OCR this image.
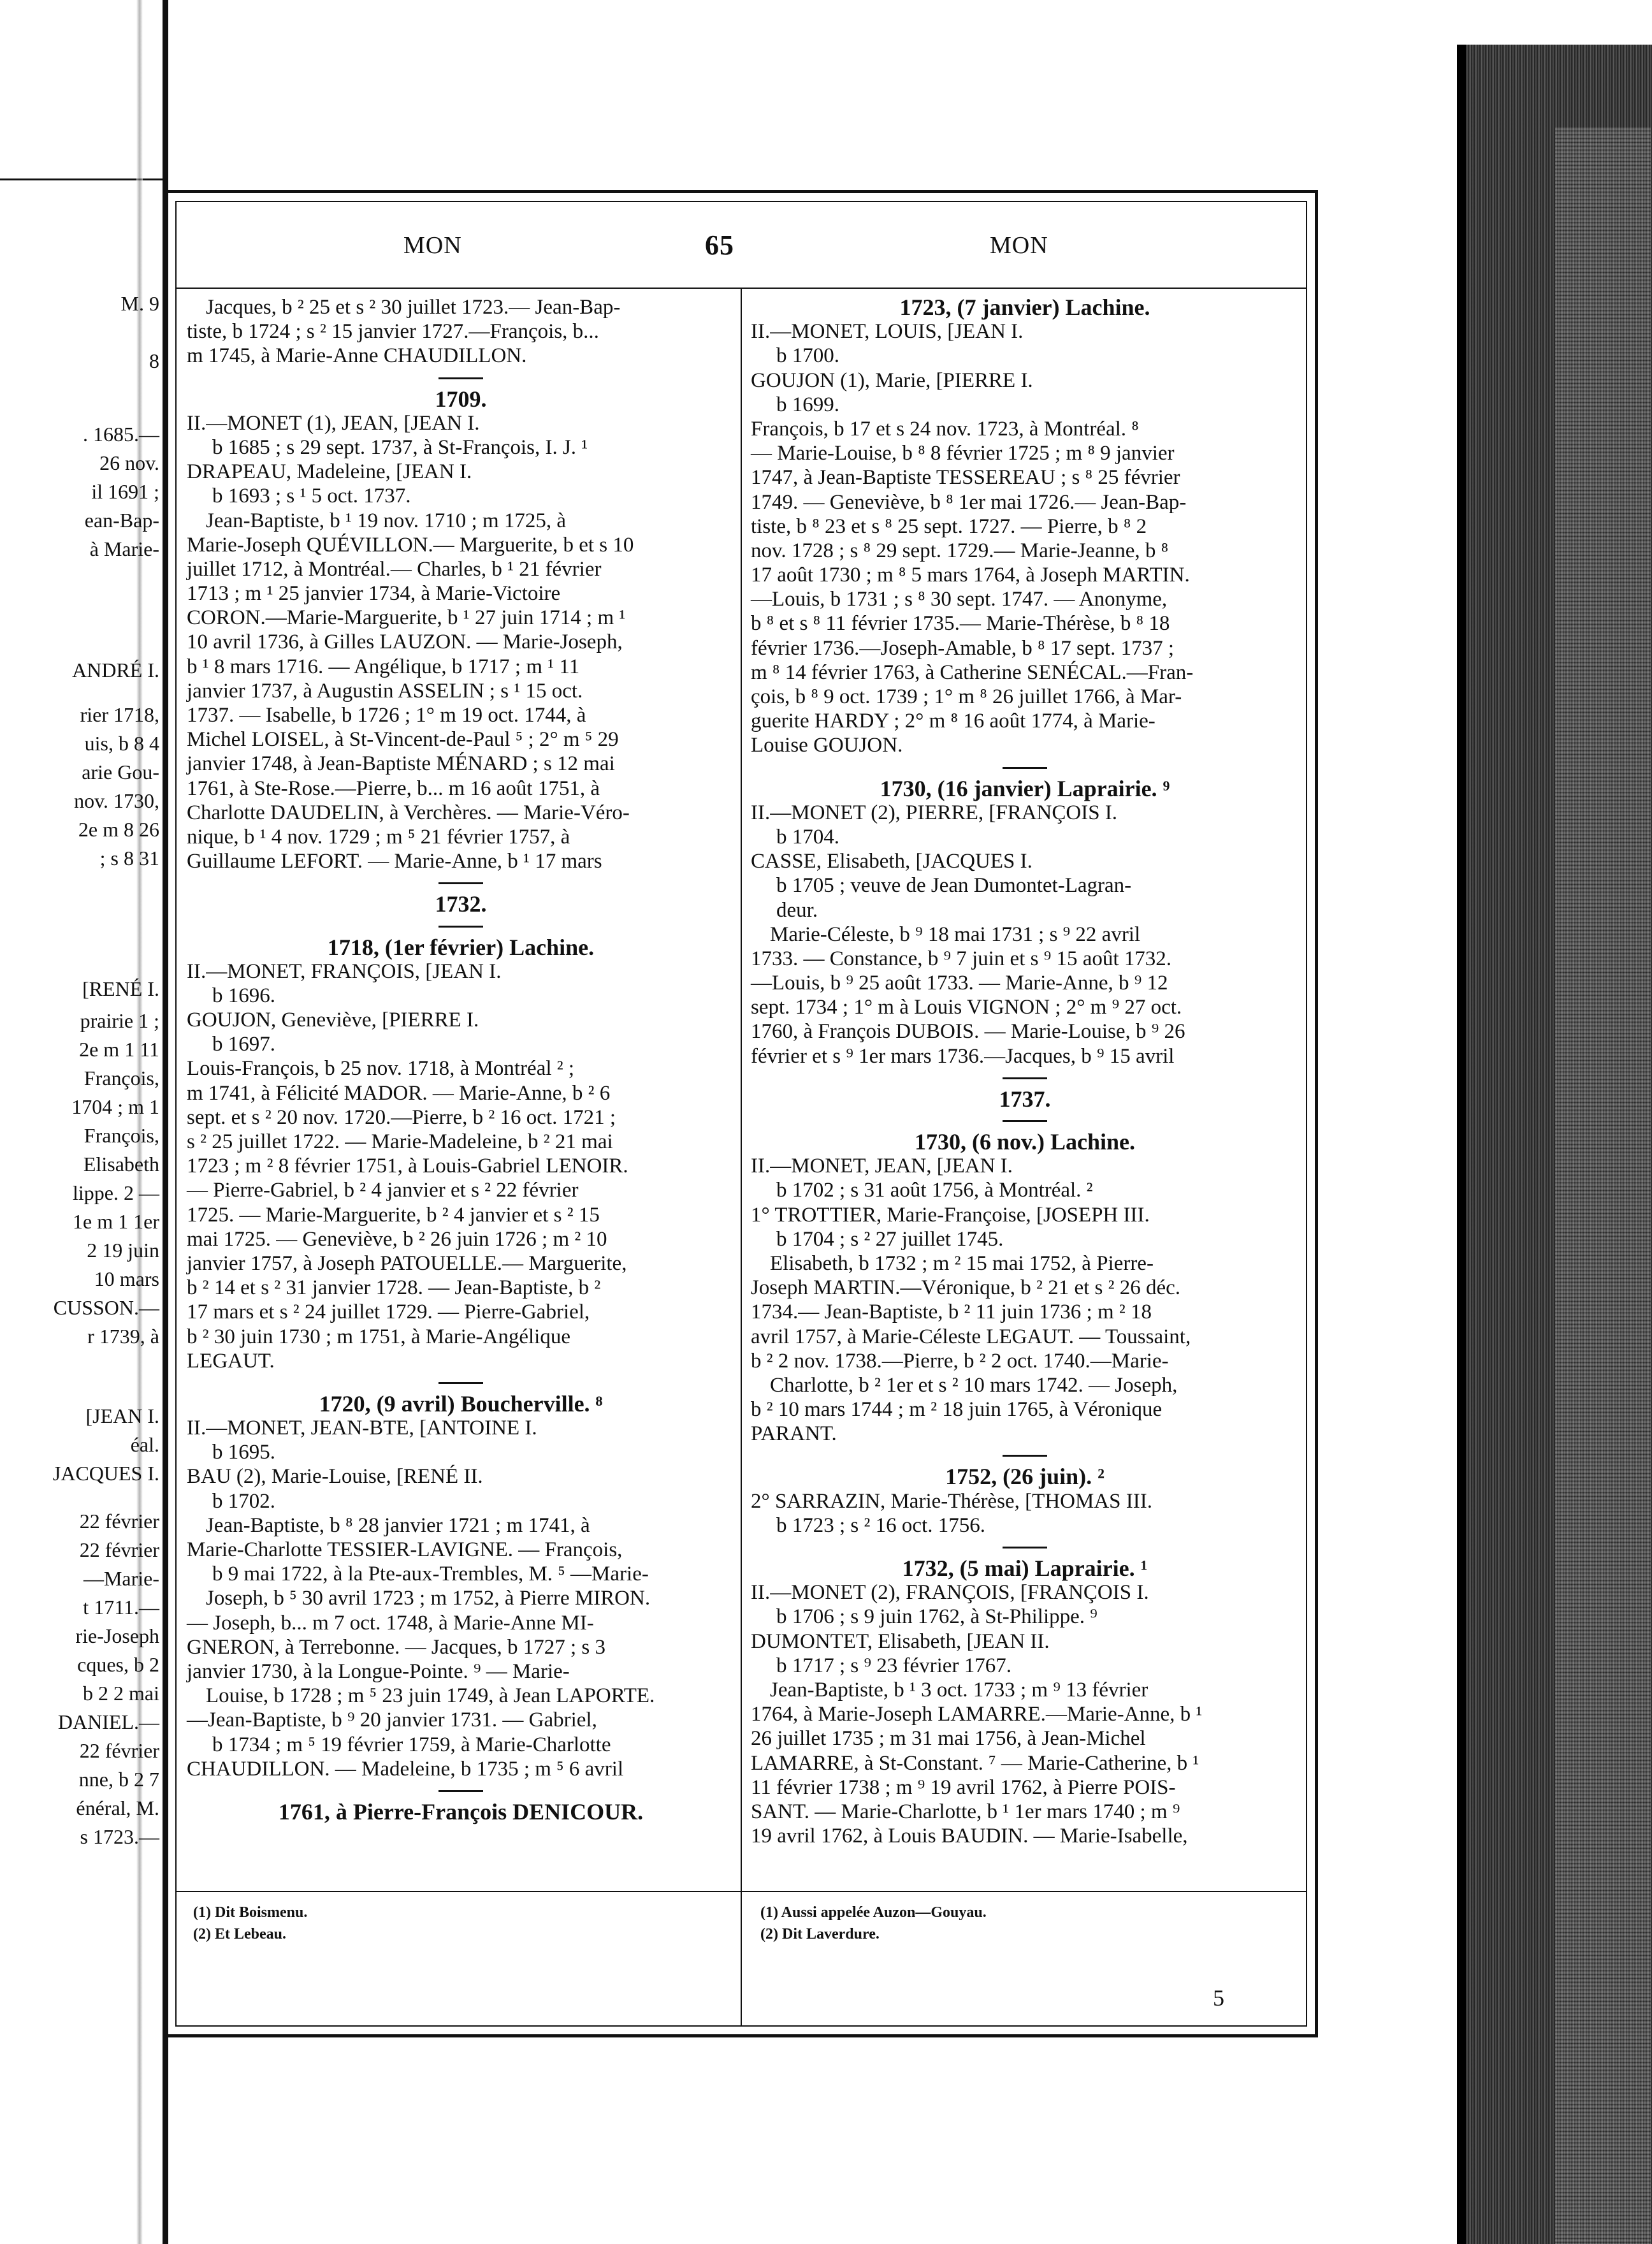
M. 9
8
. 1685.—
26 nov.
il 1691 ;
ean-Bap-
à Marie-
ANDRÉ I.
rier 1718,
uis, b 8 4
arie Gou-
nov. 1730,
2e m 8 26
; s 8 31
[RENÉ I.
prairie 1 ;
2e m 1 11
François,
1704 ; m 1
François,
Elisabeth
lippe. 2 —
1e m 1 1er
2 19 juin
10 mars
CUSSON.—
r 1739, à
[JEAN I.
éal.
JACQUES I.
22 février
22 février
—Marie-
t 1711.—
rie-Joseph
cques, b 2
b 2 2 mai
DANIEL.—
22 février
nne, b 2 7
énéral, M.
s 1723.—
MON	65	MON
Jacques, b ² 25 et s ² 30 juillet 1723.— Jean-Bap-
tiste, b 1724 ; s ² 15 janvier 1727.—François, b...
m 1745, à Marie-Anne CHAUDILLON.
1709.
II.—MONET (1), JEAN, [JEAN I.
b 1685 ; s 29 sept. 1737, à St-François, I. J. ¹
DRAPEAU, Madeleine, [JEAN I.
b 1693 ; s ¹ 5 oct. 1737.
Jean-Baptiste, b ¹ 19 nov. 1710 ; m 1725, à
Marie-Joseph QUÉVILLON.— Marguerite, b et s 10
juillet 1712, à Montréal.— Charles, b ¹ 21 février
1713 ; m ¹ 25 janvier 1734, à Marie-Victoire
CORON.—Marie-Marguerite, b ¹ 27 juin 1714 ; m ¹
10 avril 1736, à Gilles LAUZON. — Marie-Joseph,
b ¹ 8 mars 1716. — Angélique, b 1717 ; m ¹ 11
janvier 1737, à Augustin ASSELIN ; s ¹ 15 oct.
1737. — Isabelle, b 1726 ; 1° m 19 oct. 1744, à
Michel LOISEL, à St-Vincent-de-Paul ⁵ ; 2° m ⁵ 29
janvier 1748, à Jean-Baptiste MÉNARD ; s 12 mai
1761, à Ste-Rose.—Pierre, b... m 16 août 1751, à
Charlotte DAUDELIN, à Verchères. — Marie-Véro-
nique, b ¹ 4 nov. 1729 ; m ⁵ 21 février 1757, à
Guillaume LEFORT. — Marie-Anne, b ¹ 17 mars
1732.
1718, (1er février) Lachine.
II.—MONET, FRANÇOIS, [JEAN I.
b 1696.
GOUJON, Geneviève, [PIERRE I.
b 1697.
Louis-François, b 25 nov. 1718, à Montréal ² ;
m 1741, à Félicité MADOR. — Marie-Anne, b ² 6
sept. et s ² 20 nov. 1720.—Pierre, b ² 16 oct. 1721 ;
s ² 25 juillet 1722. — Marie-Madeleine, b ² 21 mai
1723 ; m ² 8 février 1751, à Louis-Gabriel LENOIR.
— Pierre-Gabriel, b ² 4 janvier et s ² 22 février
1725. — Marie-Marguerite, b ² 4 janvier et s ² 15
mai 1725. — Geneviève, b ² 26 juin 1726 ; m ² 10
janvier 1757, à Joseph PATOUELLE.— Marguerite,
b ² 14 et s ² 31 janvier 1728. — Jean-Baptiste, b ²
17 mars et s ² 24 juillet 1729. — Pierre-Gabriel,
b ² 30 juin 1730 ; m 1751, à Marie-Angélique
LEGAUT.
1720, (9 avril) Boucherville. ⁸
II.—MONET, JEAN-BTE, [ANTOINE I.
b 1695.
BAU (2), Marie-Louise, [RENÉ II.
b 1702.
Jean-Baptiste, b ⁸ 28 janvier 1721 ; m 1741, à
Marie-Charlotte TESSIER-LAVIGNE. — François,
b 9 mai 1722, à la Pte-aux-Trembles, M. ⁵ —Marie-
Joseph, b ⁵ 30 avril 1723 ; m 1752, à Pierre MIRON.
— Joseph, b... m 7 oct. 1748, à Marie-Anne MI-
GNERON, à Terrebonne. — Jacques, b 1727 ; s 3
janvier 1730, à la Longue-Pointe. ⁹ — Marie-
Louise, b 1728 ; m ⁵ 23 juin 1749, à Jean LAPORTE.
—Jean-Baptiste, b ⁹ 20 janvier 1731. — Gabriel,
b 1734 ; m ⁵ 19 février 1759, à Marie-Charlotte
CHAUDILLON. — Madeleine, b 1735 ; m ⁵ 6 avril
1761, à Pierre-François DENICOUR.
1723, (7 janvier) Lachine.
II.—MONET, LOUIS, [JEAN I.
b 1700.
GOUJON (1), Marie, [PIERRE I.
b 1699.
François, b 17 et s 24 nov. 1723, à Montréal. ⁸
— Marie-Louise, b ⁸ 8 février 1725 ; m ⁸ 9 janvier
1747, à Jean-Baptiste TESSEREAU ; s ⁸ 25 février
1749. — Geneviève, b ⁸ 1er mai 1726.— Jean-Bap-
tiste, b ⁸ 23 et s ⁸ 25 sept. 1727. — Pierre, b ⁸ 2
nov. 1728 ; s ⁸ 29 sept. 1729.— Marie-Jeanne, b ⁸
17 août 1730 ; m ⁸ 5 mars 1764, à Joseph MARTIN.
—Louis, b 1731 ; s ⁸ 30 sept. 1747. — Anonyme,
b ⁸ et s ⁸ 11 février 1735.— Marie-Thérèse, b ⁸ 18
février 1736.—Joseph-Amable, b ⁸ 17 sept. 1737 ;
m ⁸ 14 février 1763, à Catherine SENÉCAL.—Fran-
çois, b ⁸ 9 oct. 1739 ; 1° m ⁸ 26 juillet 1766, à Mar-
guerite HARDY ; 2° m ⁸ 16 août 1774, à Marie-
Louise GOUJON.
1730, (16 janvier) Laprairie. ⁹
II.—MONET (2), PIERRE, [FRANÇOIS I.
b 1704.
CASSE, Elisabeth, [JACQUES I.
b 1705 ; veuve de Jean Dumontet-Lagran-
deur.
Marie-Céleste, b ⁹ 18 mai 1731 ; s ⁹ 22 avril
1733. — Constance, b ⁹ 7 juin et s ⁹ 15 août 1732.
—Louis, b ⁹ 25 août 1733. — Marie-Anne, b ⁹ 12
sept. 1734 ; 1° m à Louis VIGNON ; 2° m ⁹ 27 oct.
1760, à François DUBOIS. — Marie-Louise, b ⁹ 26
février et s ⁹ 1er mars 1736.—Jacques, b ⁹ 15 avril
1737.
1730, (6 nov.) Lachine.
II.—MONET, JEAN, [JEAN I.
b 1702 ; s 31 août 1756, à Montréal. ²
1° TROTTIER, Marie-Françoise, [JOSEPH III.
b 1704 ; s ² 27 juillet 1745.
Elisabeth, b 1732 ; m ² 15 mai 1752, à Pierre-
Joseph MARTIN.—Véronique, b ² 21 et s ² 26 déc.
1734.— Jean-Baptiste, b ² 11 juin 1736 ; m ² 18
avril 1757, à Marie-Céleste LEGAUT. — Toussaint,
b ² 2 nov. 1738.—Pierre, b ² 2 oct. 1740.—Marie-
Charlotte, b ² 1er et s ² 10 mars 1742. — Joseph,
b ² 10 mars 1744 ; m ² 18 juin 1765, à Véronique
PARANT.
1752, (26 juin). ²
2° SARRAZIN, Marie-Thérèse, [THOMAS III.
b 1723 ; s ² 16 oct. 1756.
1732, (5 mai) Laprairie. ¹
II.—MONET (2), FRANÇOIS, [FRANÇOIS I.
b 1706 ; s 9 juin 1762, à St-Philippe. ⁹
DUMONTET, Elisabeth, [JEAN II.
b 1717 ; s ⁹ 23 février 1767.
Jean-Baptiste, b ¹ 3 oct. 1733 ; m ⁹ 13 février
1764, à Marie-Joseph LAMARRE.—Marie-Anne, b ¹
26 juillet 1735 ; m 31 mai 1756, à Jean-Michel
LAMARRE, à St-Constant. ⁷ — Marie-Catherine, b ¹
11 février 1738 ; m ⁹ 19 avril 1762, à Pierre POIS-
SANT. — Marie-Charlotte, b ¹ 1er mars 1740 ; m ⁹
19 avril 1762, à Louis BAUDIN. — Marie-Isabelle,
(1) Dit Boismenu.
(2) Et Lebeau.
(1) Aussi appelée Auzon—Gouyau.
(2) Dit Laverdure.
5
